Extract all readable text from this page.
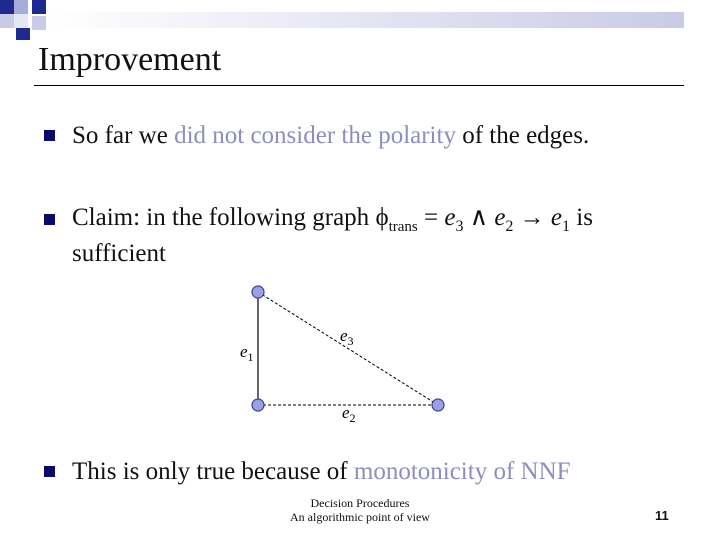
Improvement
So far we did not consider the polarity of the edges.
Claim: in the following graph $\phi_{trans} = e_3$ ∧ $e_2 \to e_1$ is
sufficient
$e_1$
$e_3$
$e_2$
This is only true because of monotonicity of NNF
Decision Procedures
An algorithmic point of view	11
